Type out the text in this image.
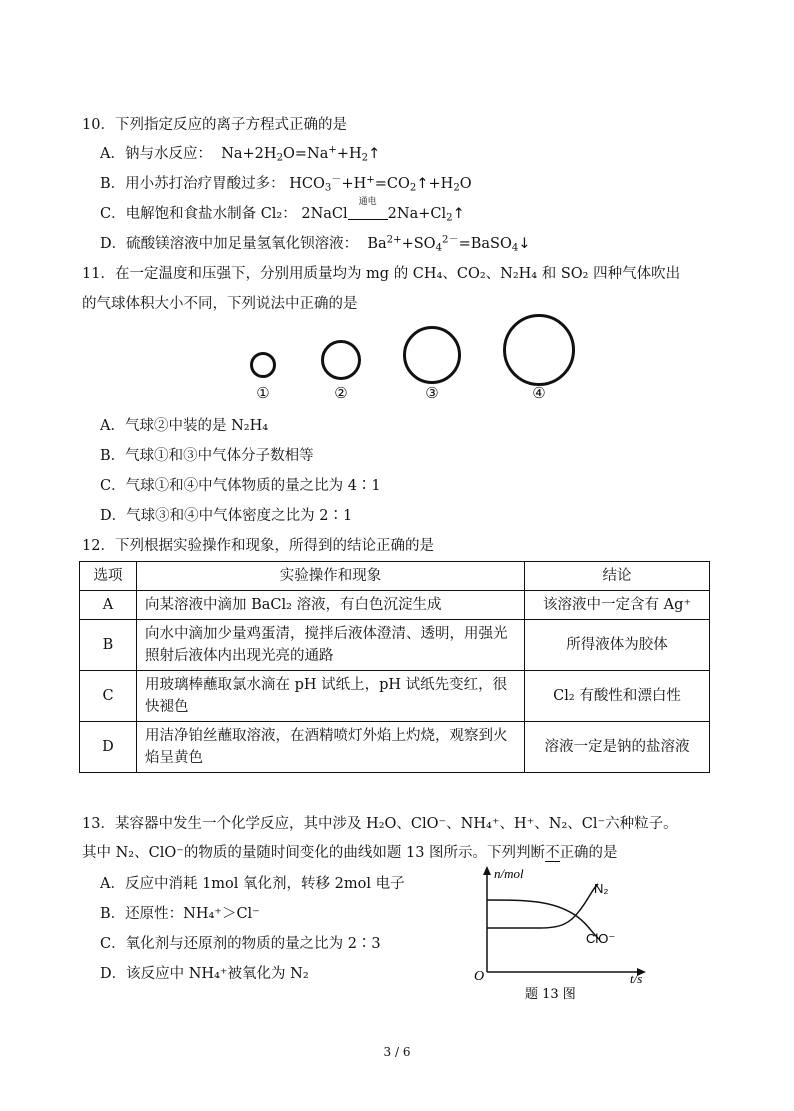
10．下列指定反应的离子方程式正确的是
A．钠与水反应：  $Na+2H_2O=Na^++H_2↑$
B．用小苏打治疗胃酸过多： $HCO_3^-+H^+=CO_2↑+H_2O$
C．电解饱和食盐水制备 Cl₂： 2NaCl
通电
$2Na+Cl_2↑$
D．硫酸镁溶液中加足量氢氧化钡溶液：  $Ba^{2+}+SO_4^{2-}=BaSO_4↓$
11．在一定温度和压强下，分别用质量均为 mg 的 CH₄、CO₂、N₂H₄ 和 SO₂ 四种气体吹出
的气球体积大小不同，下列说法中正确的是
①	②	③	④
A．气球②中装的是 N₂H₄
B．气球①和③中气体分子数相等
C．气球①和④中气体物质的量之比为 4∶1
D．气球③和④中气体密度之比为 2∶1
12．下列根据实验操作和现象，所得到的结论正确的是
选项	实验操作和现象	结论
A	向某溶液中滴加 BaCl₂ 溶液，有白色沉淀生成	该溶液中一定含有 Ag⁺
B	向水中滴加少量鸡蛋清，搅拌后液体澄清、透明，用强光照射后液体内出现光亮的通路	所得液体为胶体
C	用玻璃棒蘸取氯水滴在 pH 试纸上，pH 试纸先变红，很快褪色	Cl₂ 有酸性和漂白性
D	用洁净铂丝蘸取溶液，在酒精喷灯外焰上灼烧，观察到火焰呈黄色	溶液一定是钠的盐溶液
13．某容器中发生一个化学反应，其中涉及 H₂O、ClO⁻、NH₄⁺、H⁺、N₂、Cl⁻六种粒子。
其中 N₂、ClO⁻的物质的量随时间变化的曲线如题 13 图所示。下列判断不正确的是
A．反应中消耗 1mol 氧化剂，转移 2mol 电子
B．还原性：NH₄⁺＞Cl⁻
C．氧化剂与还原剂的物质的量之比为 2∶3
D．该反应中 NH₄⁺被氧化为 N₂
n/mol
O	t/s
N₂
ClO⁻
题 13 图
3 / 6
